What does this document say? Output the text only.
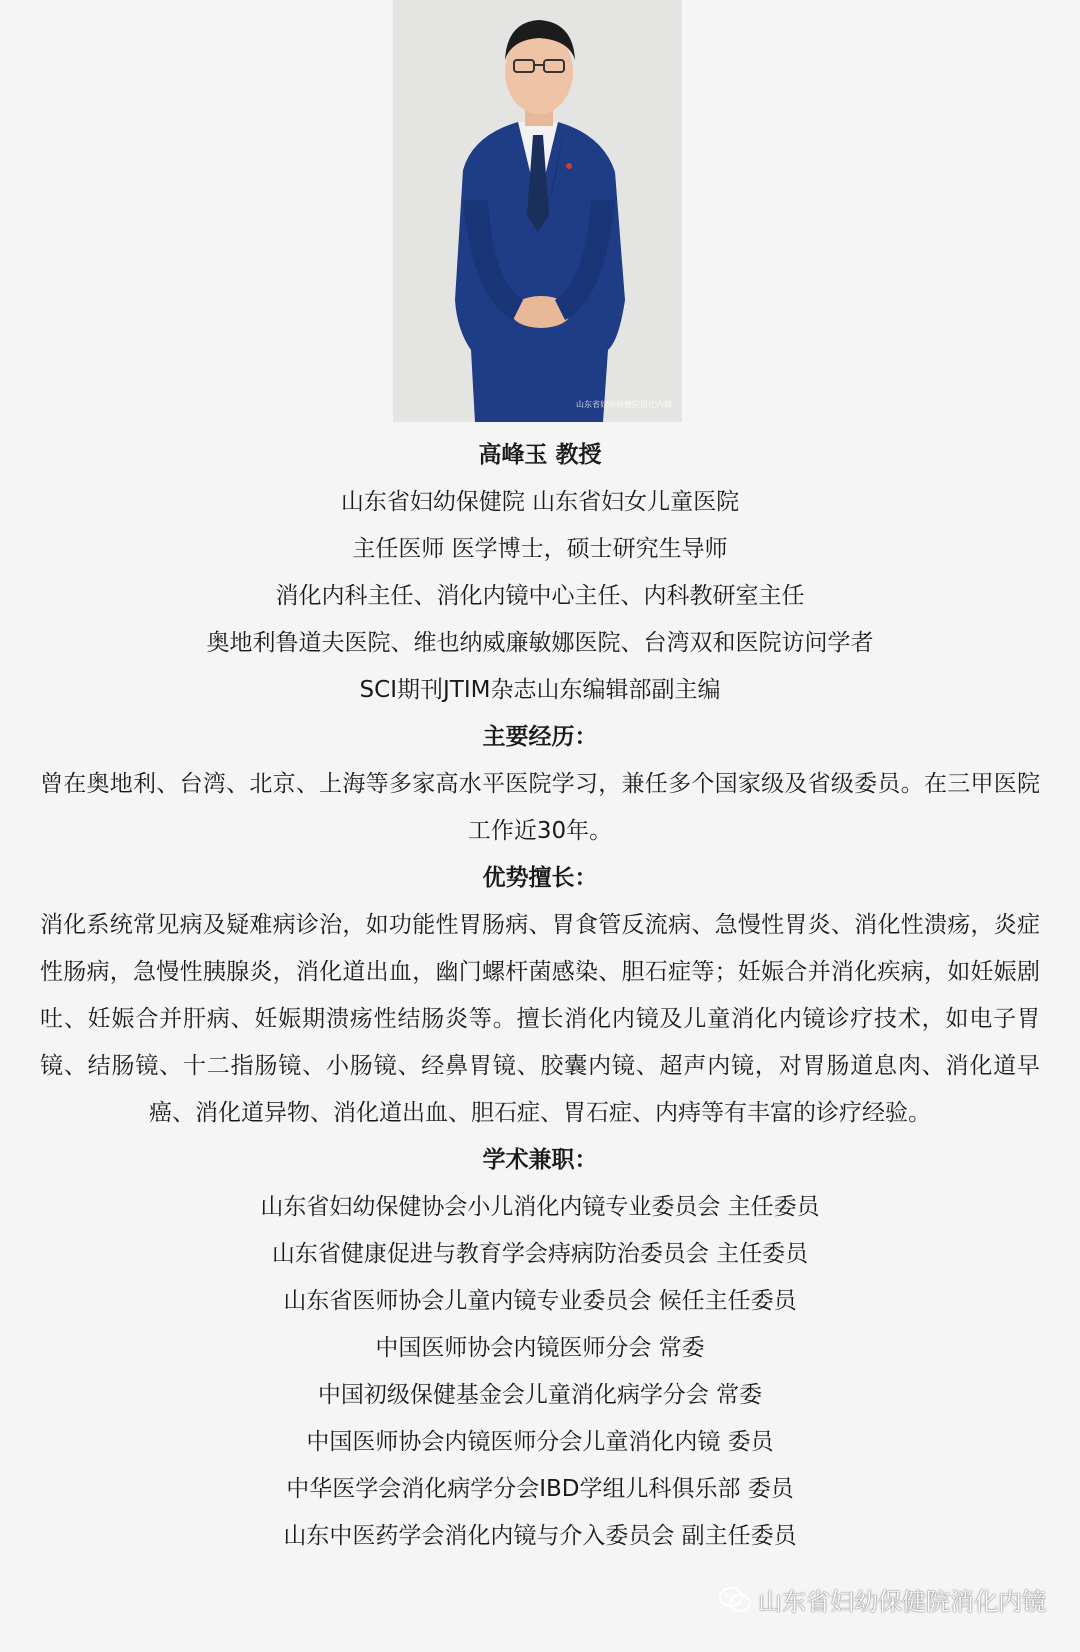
山东省妇幼保健院消化内镜
高峰玉 教授
山东省妇幼保健院 山东省妇女儿童医院
主任医师 医学博士，硕士研究生导师
消化内科主任、消化内镜中心主任、内科教研室主任
奥地利鲁道夫医院、维也纳威廉敏娜医院、台湾双和医院访问学者
SCI期刊JTIM杂志山东编辑部副主编
主要经历：
曾在奥地利、台湾、北京、上海等多家高水平医院学习，兼任多个国家级及省级委员。在三甲医院工作近30年。
优势擅长：
消化系统常见病及疑难病诊治，如功能性胃肠病、胃食管反流病、急慢性胃炎、消化性溃疡，炎症性肠病，急慢性胰腺炎，消化道出血，幽门螺杆菌感染、胆石症等；妊娠合并消化疾病，如妊娠剧吐、妊娠合并肝病、妊娠期溃疡性结肠炎等。擅长消化内镜及儿童消化内镜诊疗技术，如电子胃镜、结肠镜、十二指肠镜、小肠镜、经鼻胃镜、胶囊内镜、超声内镜，对胃肠道息肉、消化道早癌、消化道异物、消化道出血、胆石症、胃石症、内痔等有丰富的诊疗经验。
学术兼职：
山东省妇幼保健协会小儿消化内镜专业委员会 主任委员
山东省健康促进与教育学会痔病防治委员会 主任委员
山东省医师协会儿童内镜专业委员会 候任主任委员
中国医师协会内镜医师分会 常委
中国初级保健基金会儿童消化病学分会 常委
中国医师协会内镜医师分会儿童消化内镜 委员
中华医学会消化病学分会IBD学组儿科俱乐部 委员
山东中医药学会消化内镜与介入委员会 副主任委员
山东省妇幼保健院消化内镜
